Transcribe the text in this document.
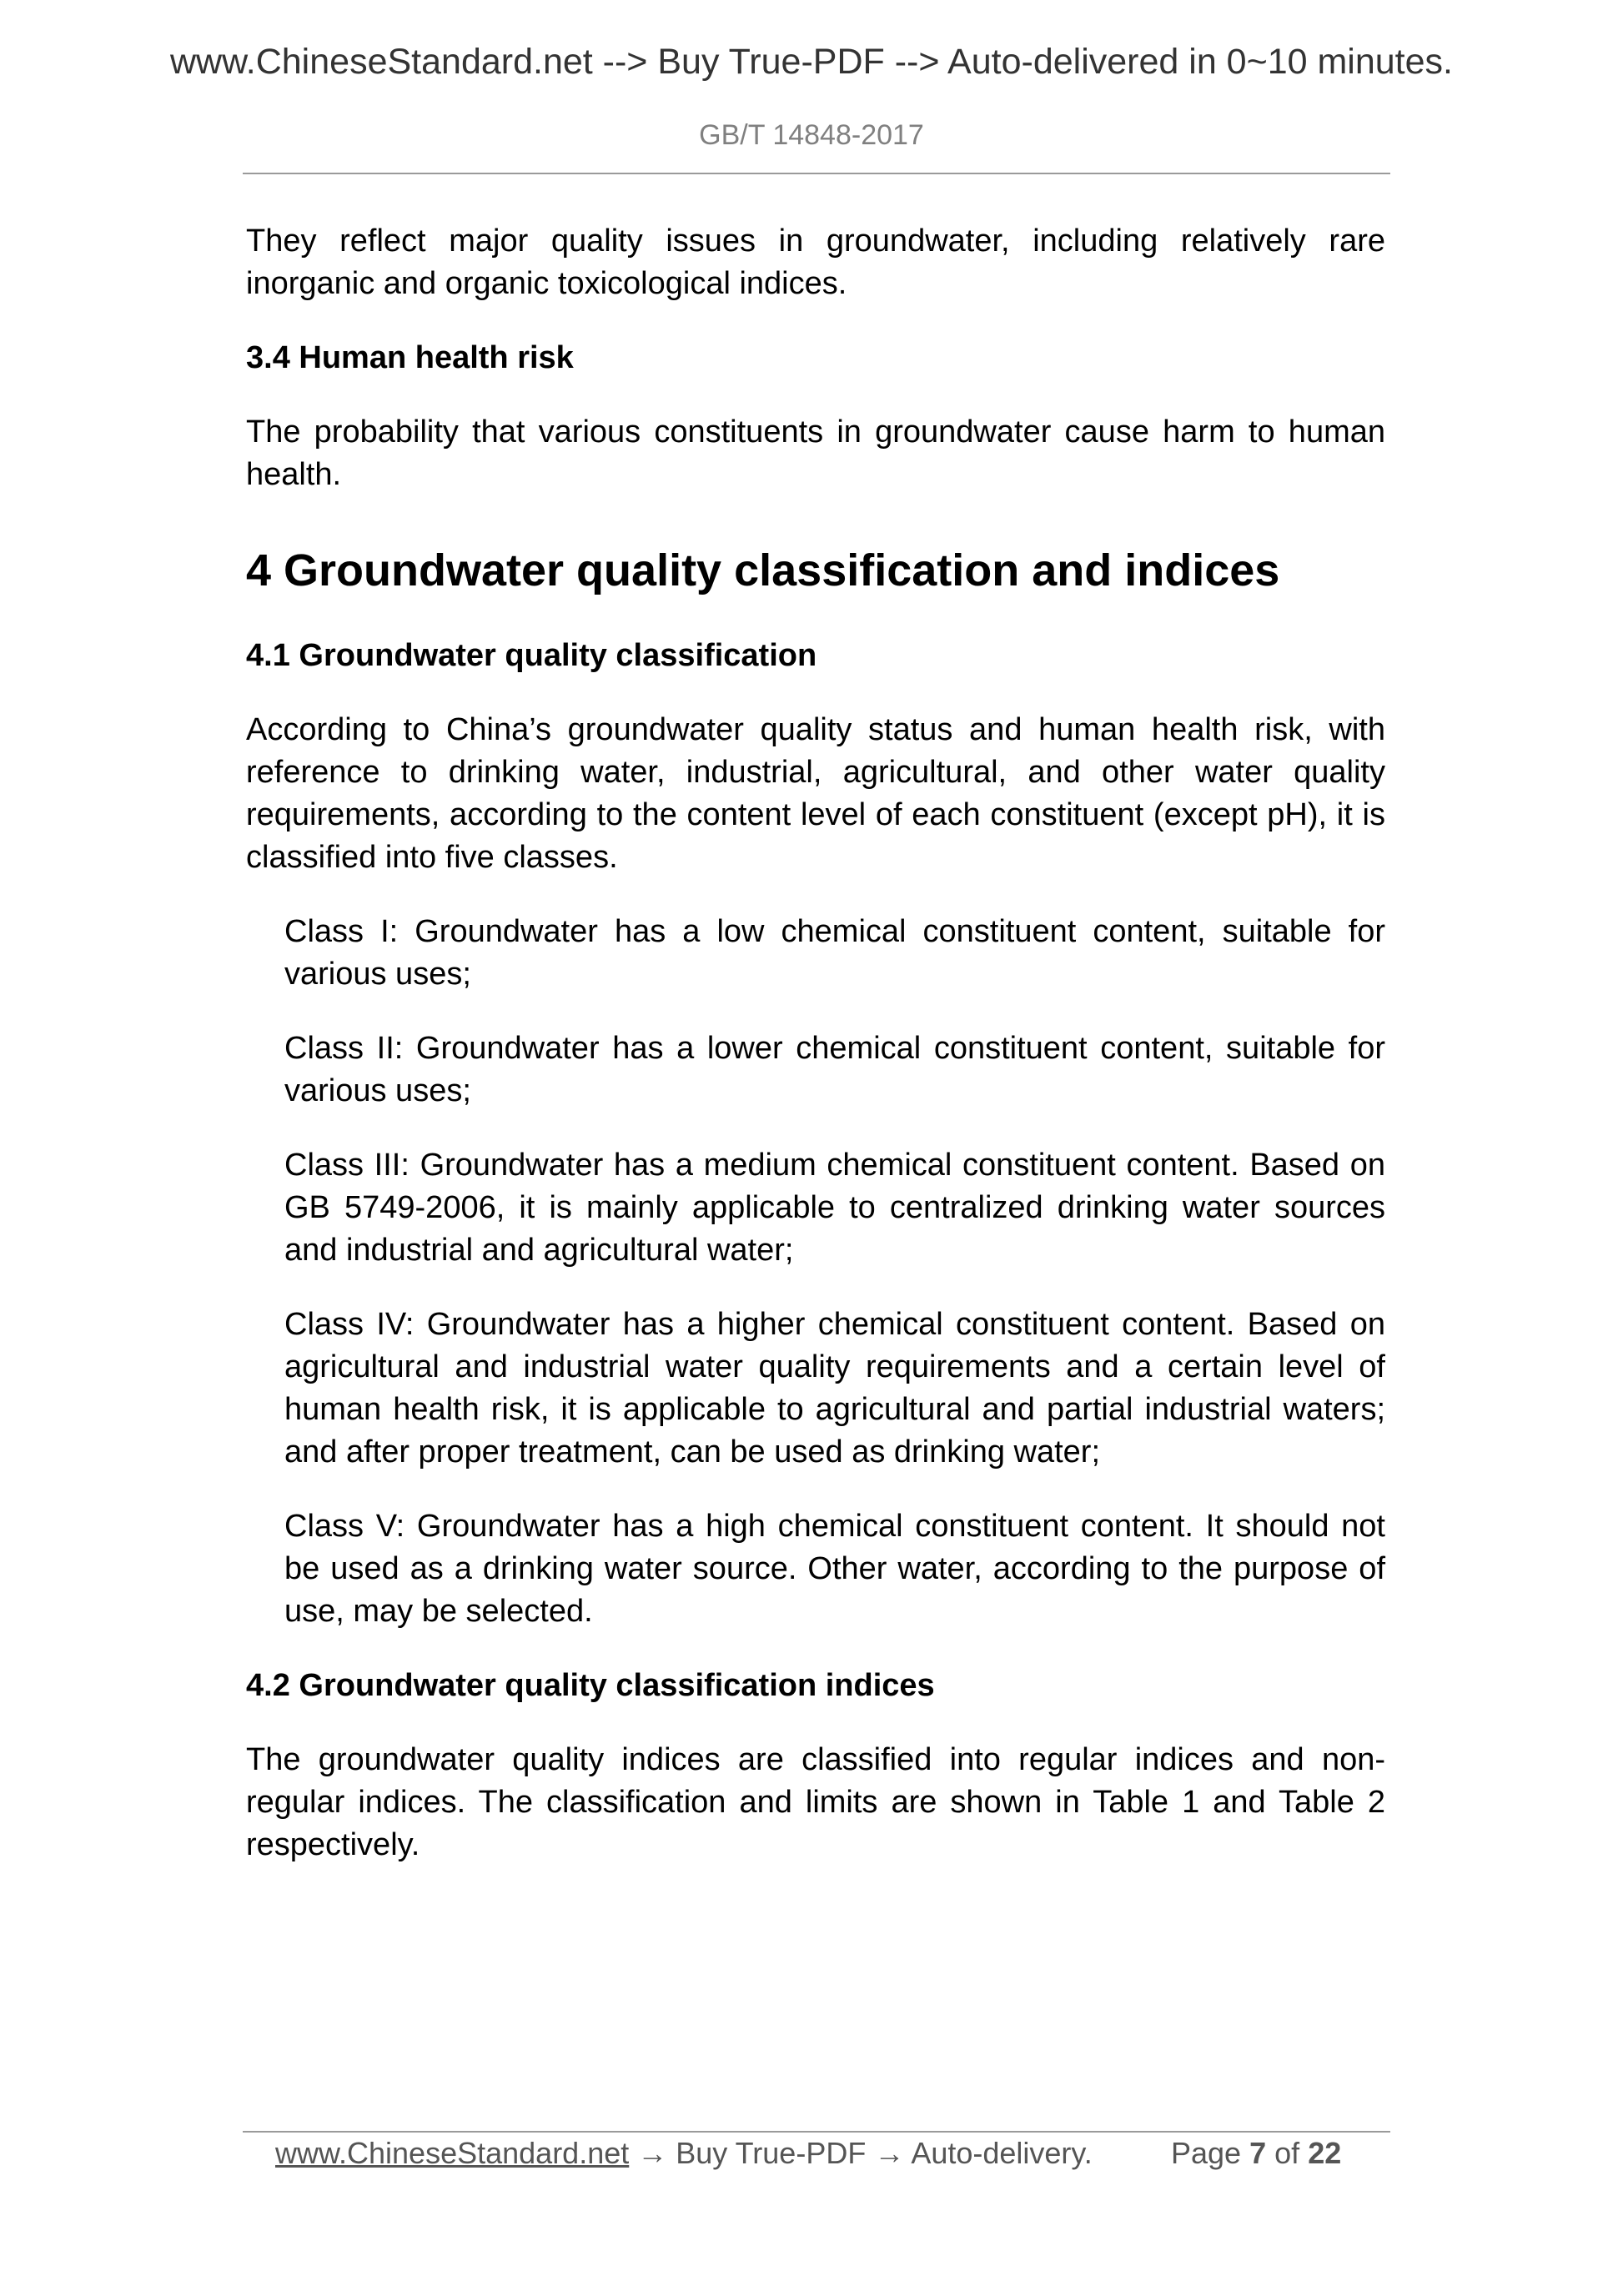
www.ChineseStandard.net --> Buy True-PDF --> Auto-delivered in 0~10 minutes.
GB/T 14848-2017

They reflect major quality issues in groundwater, including relatively rare inorganic and organic toxicological indices.

3.4 Human health risk

The probability that various constituents in groundwater cause harm to human health.

4 Groundwater quality classification and indices
4.1 Groundwater quality classification

According to China’s groundwater quality status and human health risk, with reference to drinking water, industrial, agricultural, and other water quality requirements, according to the content level of each constituent (except pH), it is classified into five classes.

Class I: Groundwater has a low chemical constituent content, suitable for various uses;

Class II: Groundwater has a lower chemical constituent content, suitable for various uses;

Class III: Groundwater has a medium chemical constituent content. Based on GB 5749-2006, it is mainly applicable to centralized drinking water sources and industrial and agricultural water;

Class IV: Groundwater has a higher chemical constituent content. Based on agricultural and industrial water quality requirements and a certain level of human health risk, it is applicable to agricultural and partial industrial waters; and after proper treatment, can be used as drinking water;

Class V: Groundwater has a high chemical constituent content. It should not be used as a drinking water source. Other water, according to the purpose of use, may be selected.

4.2 Groundwater quality classification indices

The groundwater quality indices are classified into regular indices and non-regular indices. The classification and limits are shown in Table 1 and Table 2 respectively.

www.ChineseStandard.net → Buy True-PDF → Auto-delivery.	Page 7 of 22
